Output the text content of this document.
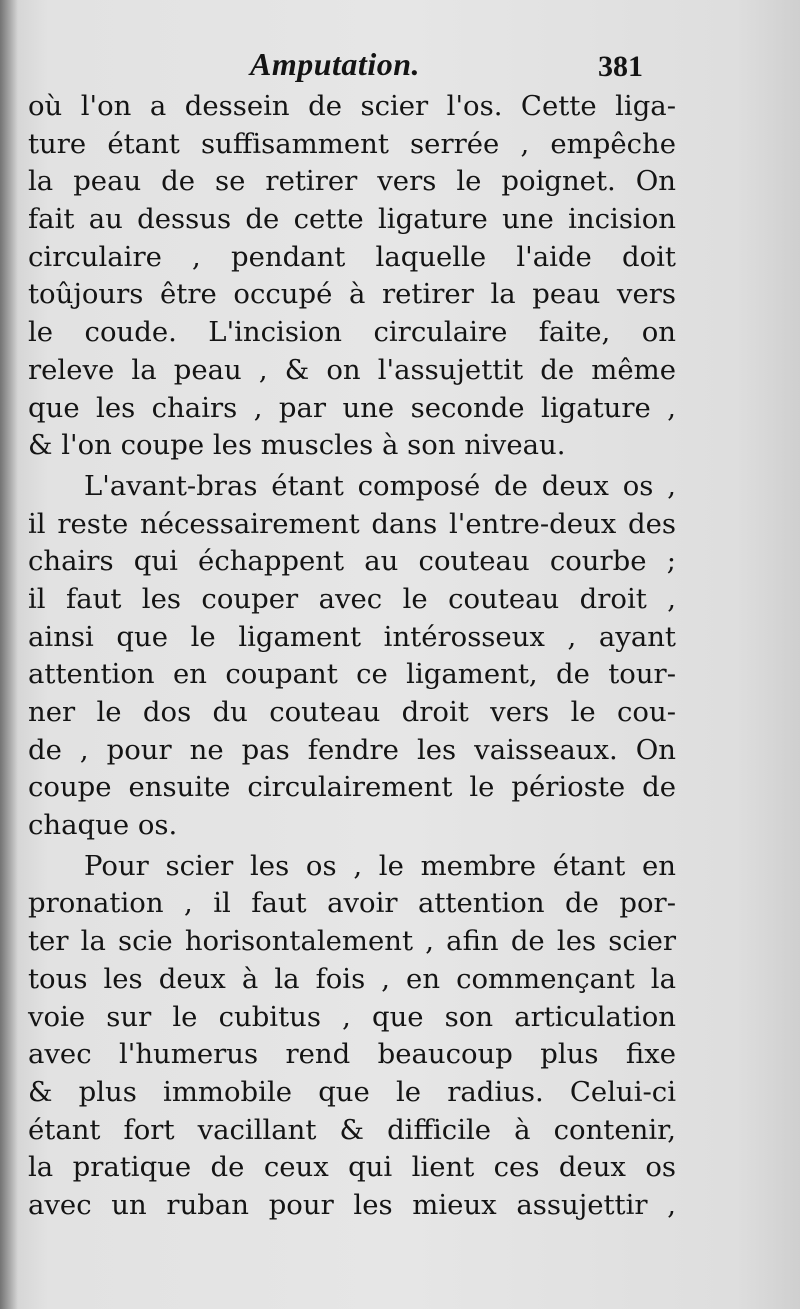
Amputation.	381
où l'on a dessein de scier l'os. Cette liga-
ture étant suffisamment serrée , empêche
la peau de se retirer vers le poignet. On
fait au dessus de cette ligature une incision
circulaire , pendant laquelle l'aide doit
toûjours être occupé à retirer la peau vers
le coude. L'incision circulaire faite, on
releve la peau , & on l'assujettit de même
que les chairs , par une seconde ligature ,
& l'on coupe les muscles à son niveau.
L'avant-bras étant composé de deux os ,
il reste nécessairement dans l'entre-deux des
chairs qui échappent au couteau courbe ;
il faut les couper avec le couteau droit ,
ainsi que le ligament intérosseux , ayant
attention en coupant ce ligament, de tour-
ner le dos du couteau droit vers le cou-
de , pour ne pas fendre les vaisseaux. On
coupe ensuite circulairement le périoste de
chaque os.
Pour scier les os , le membre étant en
pronation , il faut avoir attention de por-
ter la scie horisontalement , afin de les scier
tous les deux à la fois , en commençant la
voie sur le cubitus , que son articulation
avec l'humerus rend beaucoup plus fixe
& plus immobile que le radius. Celui-ci
étant fort vacillant & difficile à contenir,
la pratique de ceux qui lient ces deux os
avec un ruban pour les mieux assujettir ,
